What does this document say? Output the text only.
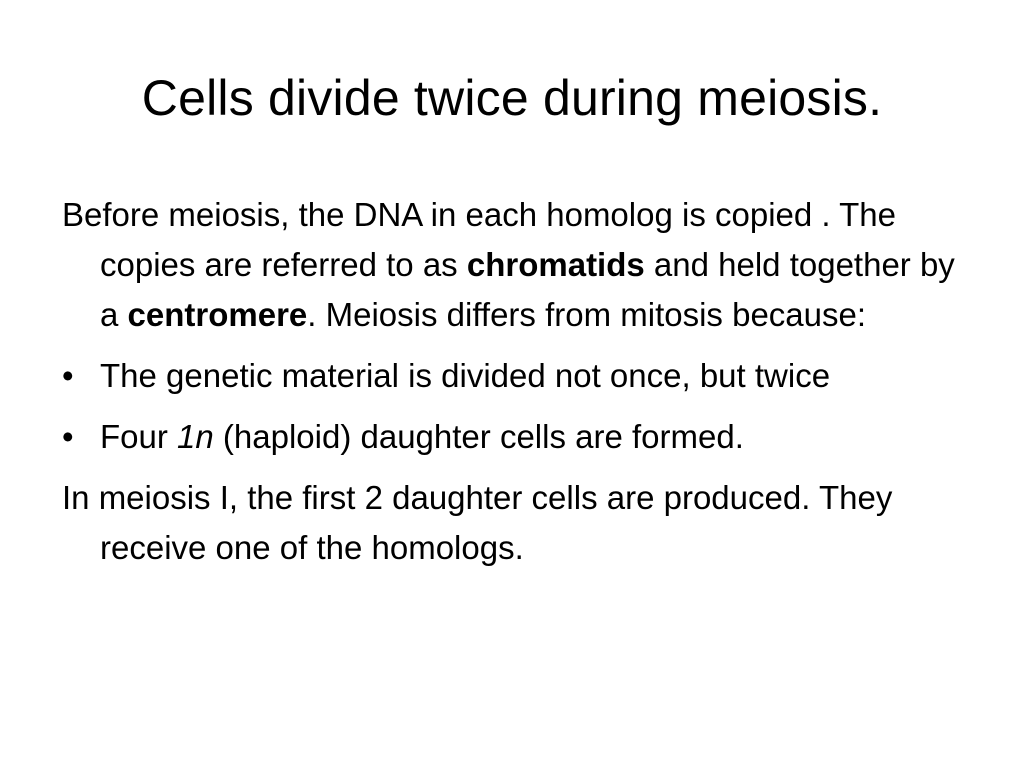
Cells divide twice during meiosis.

Before meiosis, the DNA in each homolog is copied . The copies are referred to as chromatids and held together by a centromere. Meiosis differs from mitosis because:

• The genetic material is divided not once, but twice
• Four 1n (haploid) daughter cells are formed.

In meiosis I, the first 2 daughter cells are produced. They receive one of the homologs.
